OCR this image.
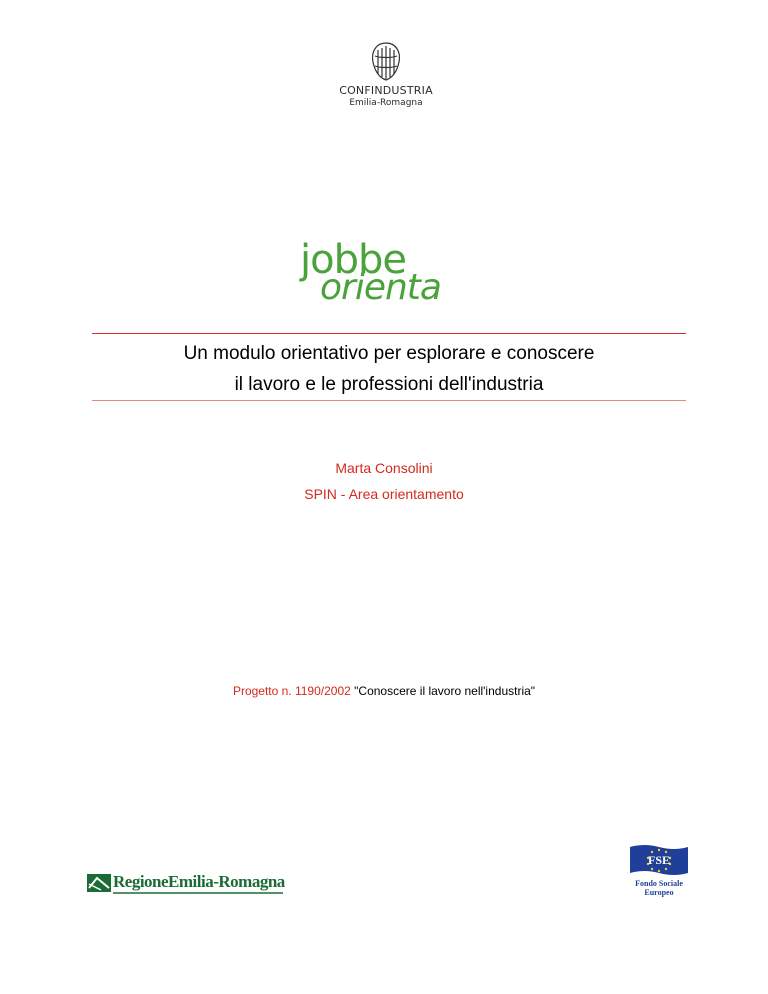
CONFINDUSTRIA
Emilia-Romagna
jobbe
orienta
Un modulo orientativo per esplorare e conoscere
il lavoro e le professioni dell'industria
Marta Consolini
SPIN - Area orientamento
Progetto n. 1190/2002 "Conoscere il lavoro nell'industria"
RegioneEmilia-Romagna
FSE
Fondo Sociale
Europeo
